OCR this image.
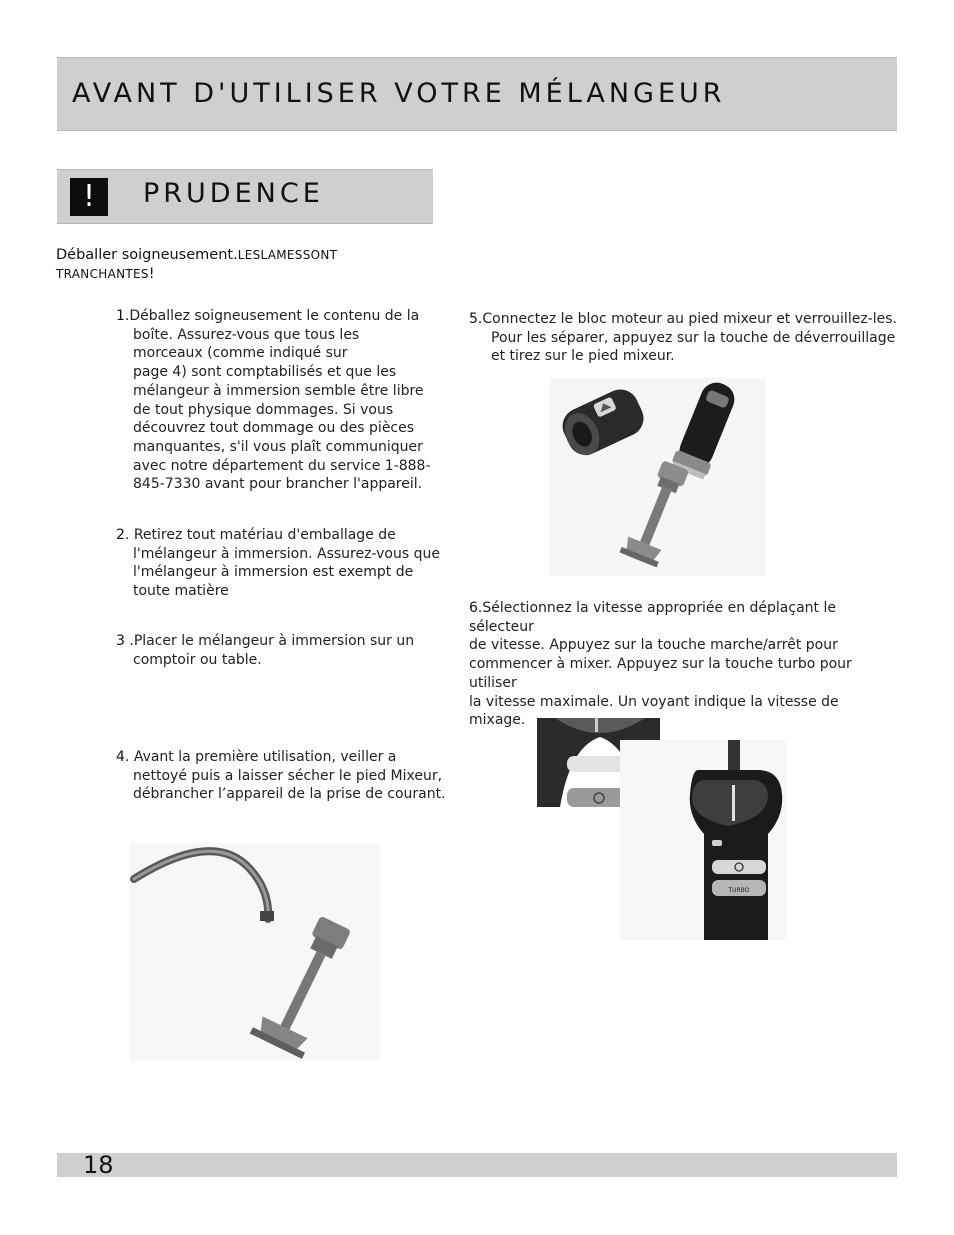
AVANT D'UTILISER VOTRE MÉLANGEUR
!	PRUDENCE
Déballer soigneusement.LESLAMESSONT
TRANCHANTES!

1.Déballez soigneusement le contenu de la

boîte. Assurez-vous que tous les

morceaux (comme indiqué sur

page 4) sont comptabilisés et que les

mélangeur à immersion semble être libre

de tout physique dommages. Si vous

découvrez tout dommage ou des pièces

manquantes, s'il vous plaît communiquer

avec notre département du service 1-888-

845-7330 avant pour brancher l'appareil.

2. Retirez tout matériau d'emballage de

l'mélangeur à immersion. Assurez-vous que

l'mélangeur à immersion est exempt de

toute matière

3 .Placer le mélangeur à immersion sur un

comptoir ou table.

4. Avant la première utilisation, veiller a

nettoyé puis a laisser sécher le pied Mixeur,

débrancher l’appareil de la prise de courant.

5.Connectez le bloc moteur au pied mixeur et verrouillez-les.

Pour les séparer, appuyez sur la touche de déverrouillage

et tirez sur le pied mixeur.

6.Sélectionnez la vitesse appropriée en déplaçant le sélecteur

de vitesse. Appuyez sur la touche marche/arrêt pour

commencer à mixer. Appuyez sur la touche turbo pour utiliser

la vitesse maximale. Un voyant indique la vitesse de mixage.

TURBO
18
